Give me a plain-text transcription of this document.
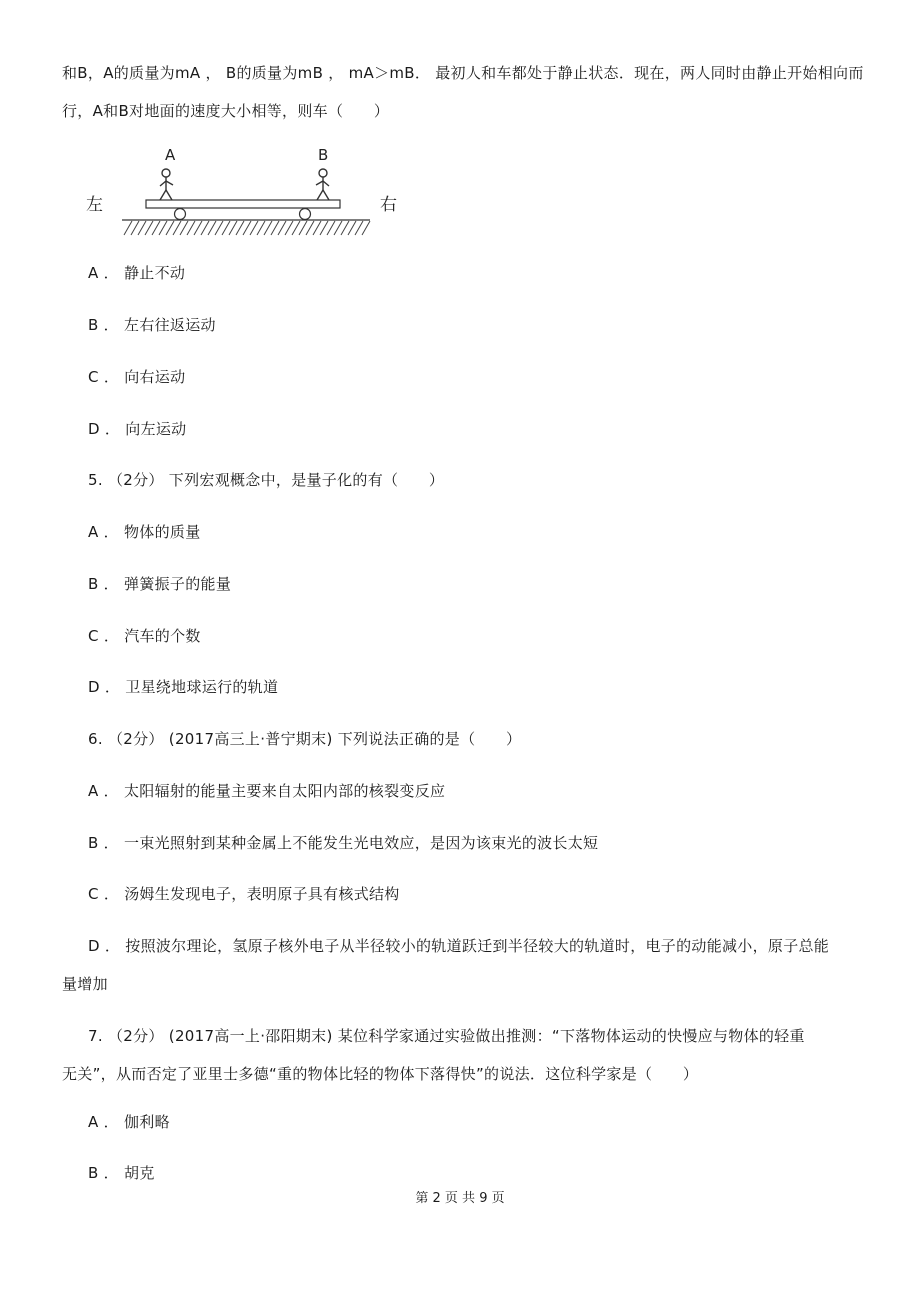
和B，A的质量为mA ， B的质量为mB ， mA＞mB． 最初人和车都处于静止状态．现在，两人同时由静止开始相向而
行，A和B对地面的速度大小相等，则车（　　）
A	B
左	右
A ． 静止不动
B ． 左右往返运动
C ． 向右运动
D ． 向左运动
5. （2分） 下列宏观概念中，是量子化的有（　　）
A ． 物体的质量
B ． 弹簧振子的能量
C ． 汽车的个数
D ． 卫星绕地球运行的轨道
6. （2分） (2017高三上·普宁期末) 下列说法正确的是（　　）
A ． 太阳辐射的能量主要来自太阳内部的核裂变反应
B ． 一束光照射到某种金属上不能发生光电效应，是因为该束光的波长太短
C ． 汤姆生发现电子，表明原子具有核式结构
D ． 按照波尔理论，氢原子核外电子从半径较小的轨道跃迁到半径较大的轨道时，电子的动能减小，原子总能
量增加
7. （2分） (2017高一上·邵阳期末) 某位科学家通过实验做出推测：“下落物体运动的快慢应与物体的轻重
无关”，从而否定了亚里士多德“重的物体比轻的物体下落得快”的说法．这位科学家是（　　）
A ． 伽利略
B ． 胡克
第 2 页 共 9 页
